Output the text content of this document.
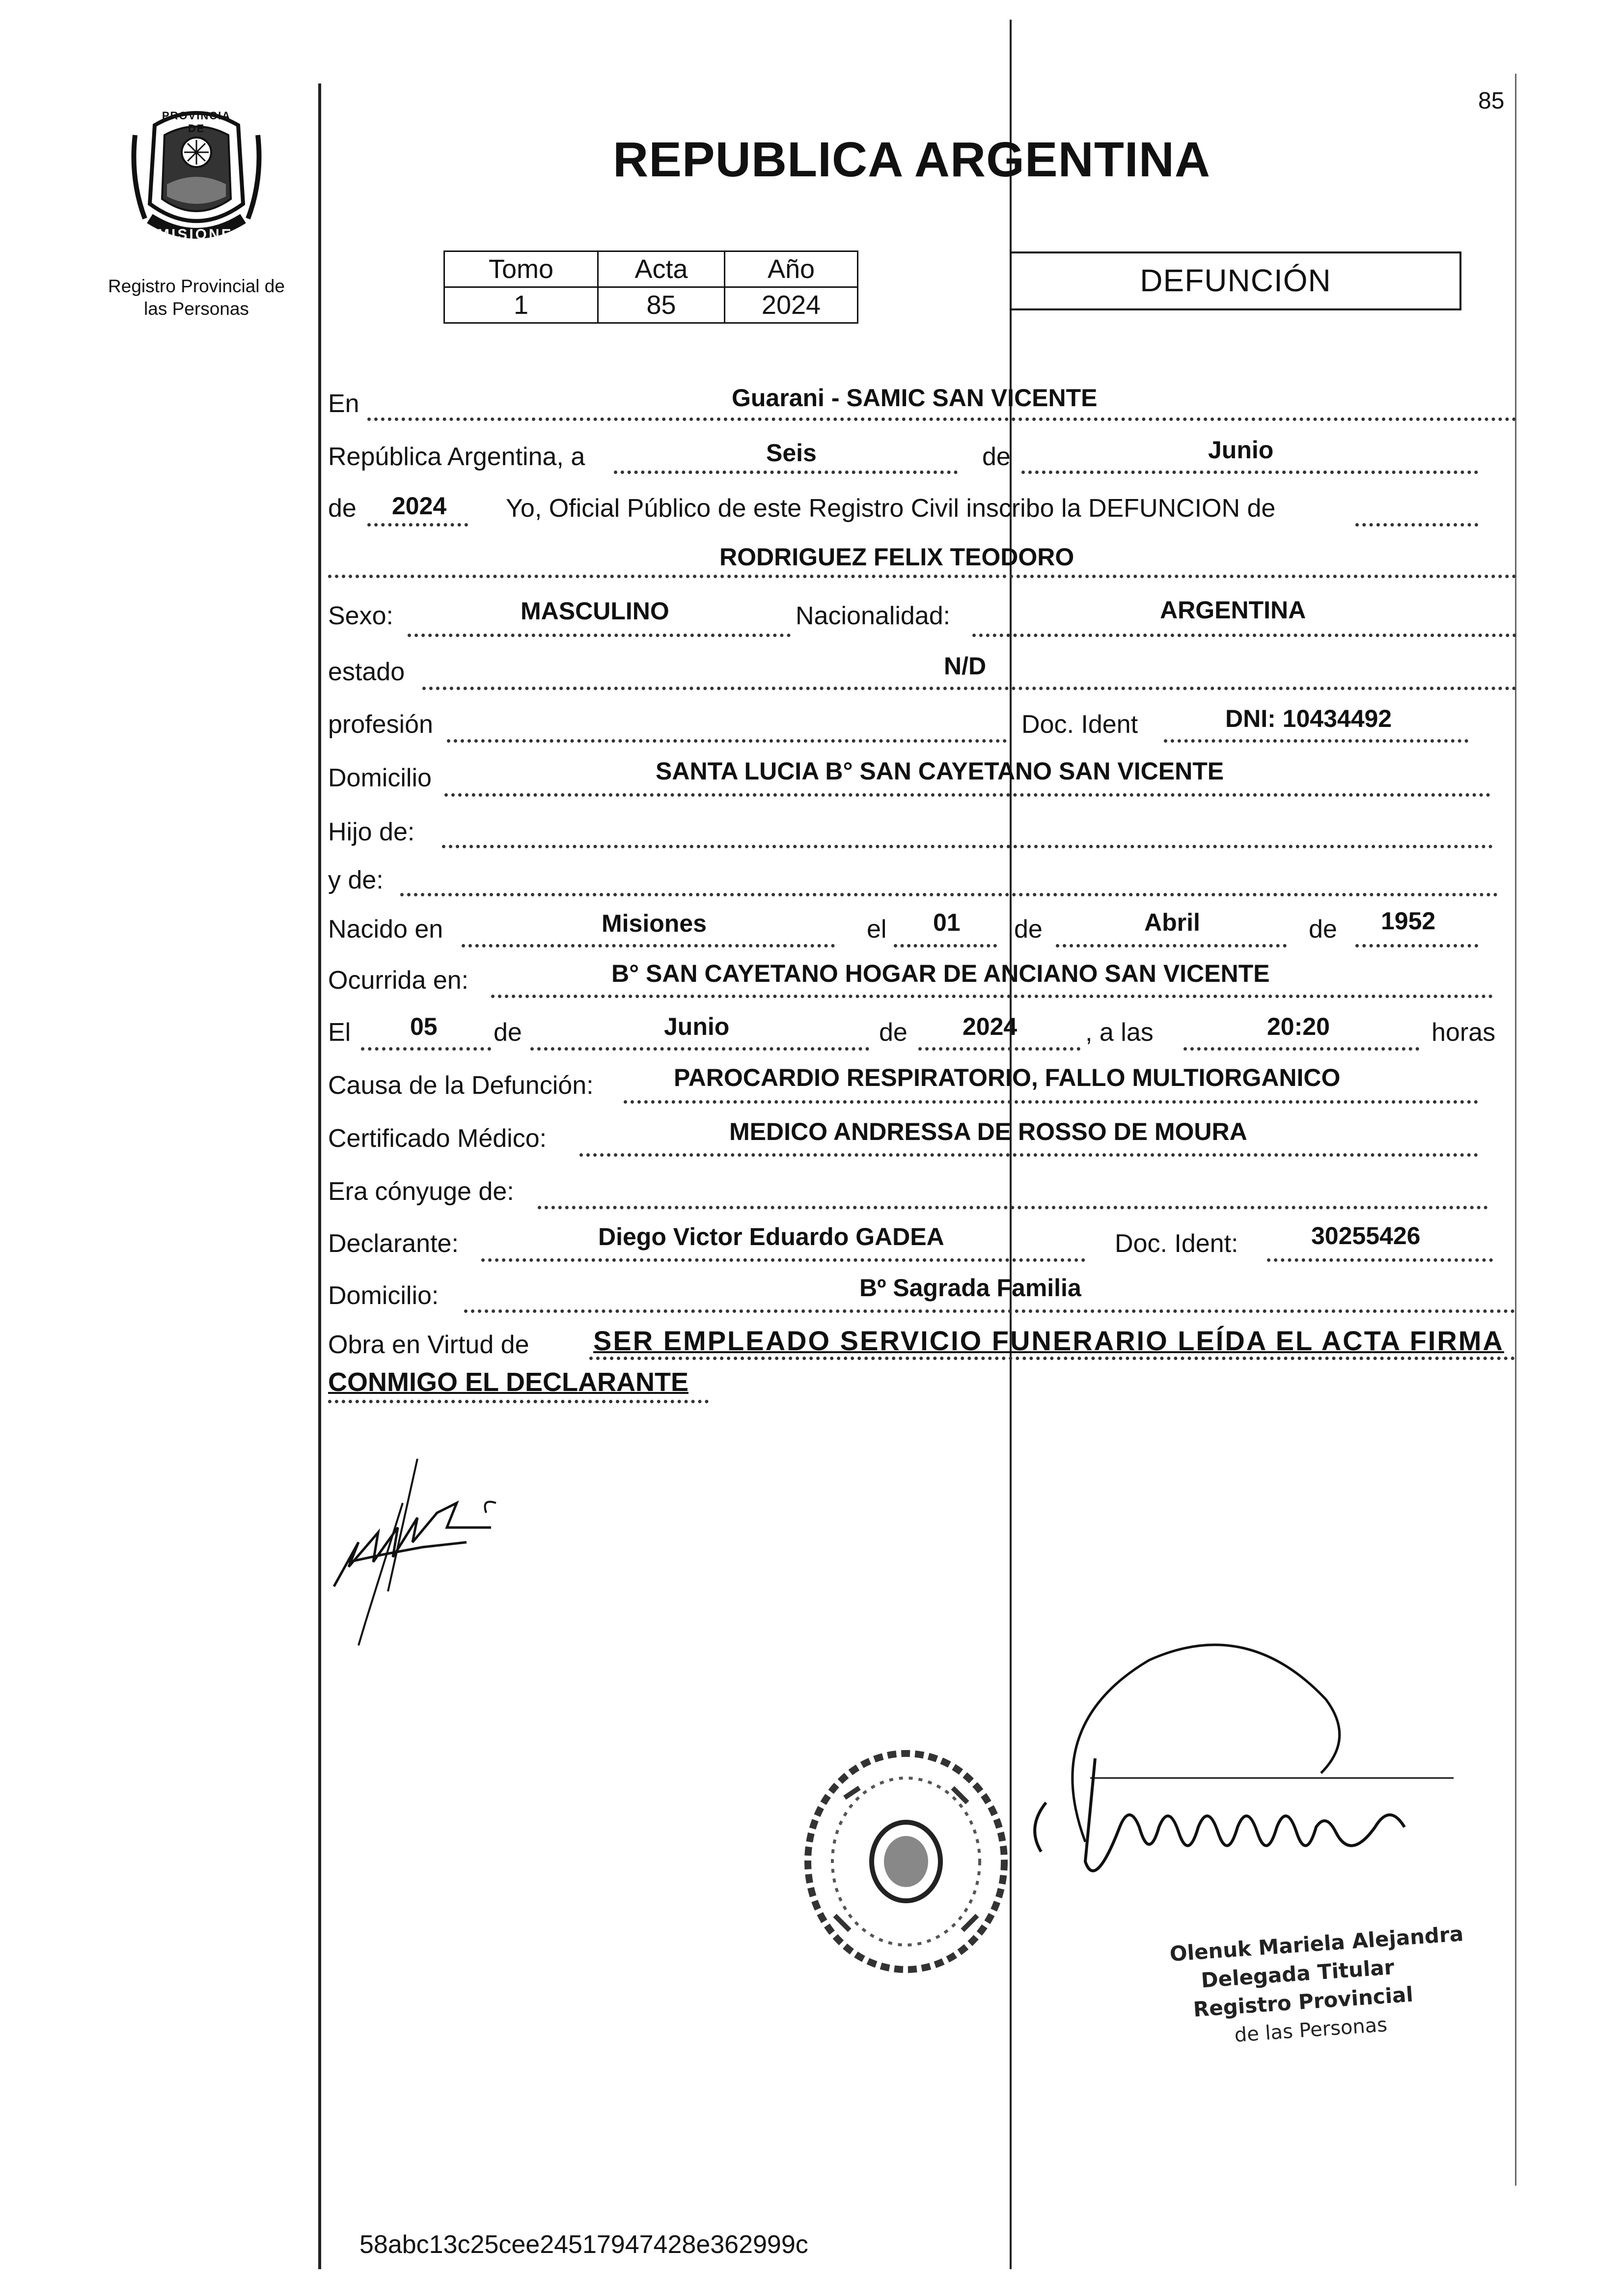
85
PROVINCIA DE
MISIONES
Registro Provincial de
las Personas
REPUBLICA ARGENTINA
Tomo	Acta	Año
1	85	2024
DEFUNCIÓN
En	Guarani - SAMIC SAN VICENTE
República Argentina, a	Seis	de	Junio
de 2024 Yo, Oficial Público de este Registro Civil inscribo la DEFUNCION de
RODRIGUEZ FELIX TEODORO
Sexo:	MASCULINO	Nacionalidad:	ARGENTINA
estado	N/D
profesión	Doc. Ident	DNI: 10434492
Domicilio	SANTA LUCIA B° SAN CAYETANO SAN VICENTE
Hijo de:
y de:
Nacido en	Misiones	el 01 de	Abril	de 1952
Ocurrida en:	B° SAN CAYETANO HOGAR DE ANCIANO SAN VICENTE
El 05 de	Junio	de 2024	, a las	20:20	horas
Causa de la Defunción:	PAROCARDIO RESPIRATORIO, FALLO MULTIORGANICO
Certificado Médico:	MEDICO ANDRESSA DE ROSSO DE MOURA
Era cónyuge de:
Declarante:	Diego Victor Eduardo GADEA	Doc. Ident:	30255426
Domicilio:	Bº Sagrada Familia
Obra en Virtud de SER EMPLEADO SERVICIO FUNERARIO LEÍDA EL ACTA FIRMA
CONMIGO EL DECLARANTE
Olenuk Mariela Alejandra
Delegada Titular
Registro Provincial
de las Personas
58abc13c25cee24517947428e362999c
